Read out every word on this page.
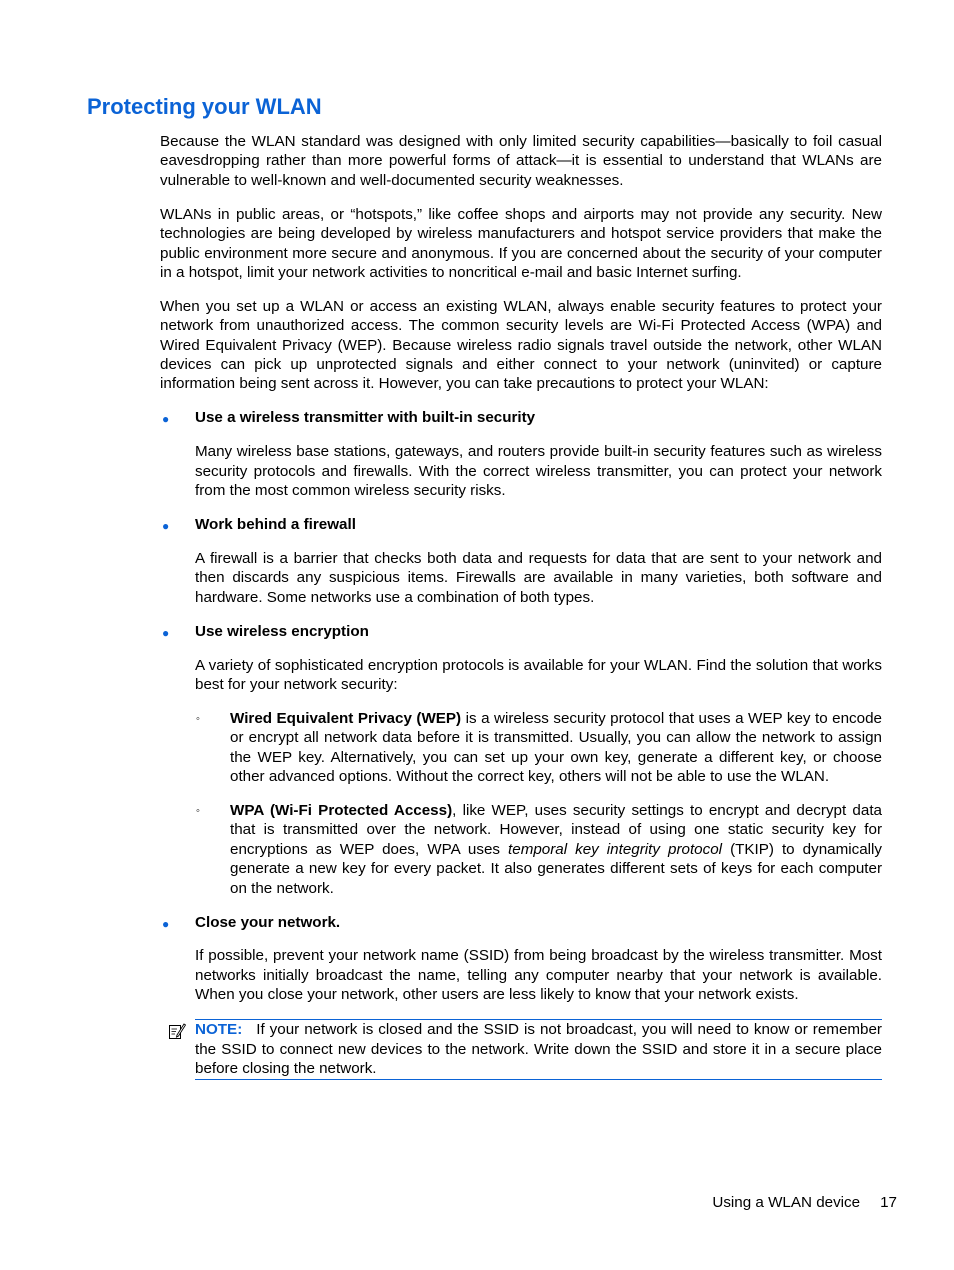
Protecting your WLAN

Because the WLAN standard was designed with only limited security capabilities—basically to foil casual eavesdropping rather than more powerful forms of attack—it is essential to understand that WLANs are vulnerable to well-known and well-documented security weaknesses.

WLANs in public areas, or “hotspots,” like coffee shops and airports may not provide any security. New technologies are being developed by wireless manufacturers and hotspot service providers that make the public environment more secure and anonymous. If you are concerned about the security of your computer in a hotspot, limit your network activities to noncritical e-mail and basic Internet surfing.

When you set up a WLAN or access an existing WLAN, always enable security features to protect your network from unauthorized access. The common security levels are Wi-Fi Protected Access (WPA) and Wired Equivalent Privacy (WEP). Because wireless radio signals travel outside the network, other WLAN devices can pick up unprotected signals and either connect to your network (uninvited) or capture information being sent across it. However, you can take precautions to protect your WLAN:

● Use a wireless transmitter with built-in security

Many wireless base stations, gateways, and routers provide built-in security features such as wireless security protocols and firewalls. With the correct wireless transmitter, you can protect your network from the most common wireless security risks.

● Work behind a firewall

A firewall is a barrier that checks both data and requests for data that are sent to your network and then discards any suspicious items. Firewalls are available in many varieties, both software and hardware. Some networks use a combination of both types.

● Use wireless encryption

A variety of sophisticated encryption protocols is available for your WLAN. Find the solution that works best for your network security:

◦ Wired Equivalent Privacy (WEP) is a wireless security protocol that uses a WEP key to encode or encrypt all network data before it is transmitted. Usually, you can allow the network to assign the WEP key. Alternatively, you can set up your own key, generate a different key, or choose other advanced options. Without the correct key, others will not be able to use the WLAN.
◦ WPA (Wi-Fi Protected Access), like WEP, uses security settings to encrypt and decrypt data that is transmitted over the network. However, instead of using one static security key for encryptions as WEP does, WPA uses temporal key integrity protocol (TKIP) to dynamically generate a new key for every packet. It also generates different sets of keys for each computer on the network.
● Close your network.

If possible, prevent your network name (SSID) from being broadcast by the wireless transmitter. Most networks initially broadcast the name, telling any computer nearby that your network is available. When you close your network, other users are less likely to know that your network exists.

NOTE: If your network is closed and the SSID is not broadcast, you will need to know or remember the SSID to connect new devices to the network. Write down the SSID and store it in a secure place before closing the network.
Using a WLAN device 17
